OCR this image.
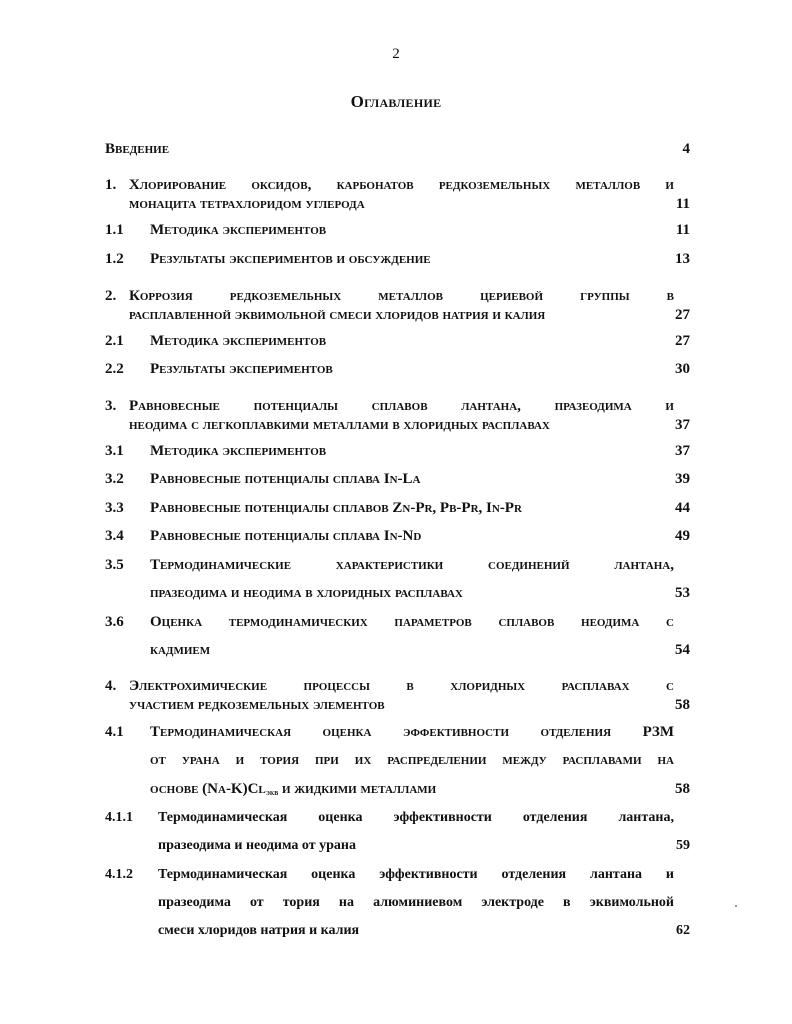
2
Оглавление
Введение	4
1. Хлорирование оксидов, карбонатов редкоземельных металлов и
монацита тетрахлоридом углерода	11
1.1 Методика экспериментов	11
1.2 Результаты экспериментов и обсуждение	13
2. Коррозия редкоземельных металлов цериевой группы в
расплавленной эквимольной смеси хлоридов натрия и калия	27
2.1 Методика экспериментов	27
2.2 Результаты экспериментов	30
3. Равновесные потенциалы сплавов лантана, празеодима и
неодима с легкоплавкими металлами в хлоридных расплавах	37
3.1 Методика экспериментов	37
3.2 Равновесные потенциалы сплава In-La	39
3.3 Равновесные потенциалы сплавов Zn-Pr, Pb-Pr, In-Pr	44
3.4 Равновесные потенциалы сплава In-Nd	49
3.5 Термодинамические характеристики соединений лантана,
празеодима и неодима в хлоридных расплавах	53
3.6 Оценка термодинамических параметров сплавов неодима с
кадмием	54
4. Электрохимические процессы в хлоридных расплавах с
участием редкоземельных элементов	58
4.1 Термодинамическая оценка эффективности отделения РЗМ
от урана и тория при их распределении между расплавами на
основе $(Na-K)Cl_{экв}$ и жидкими металлами	58
4.1.1 Термодинамическая оценка эффективности отделения лантана,
празеодима и неодима от урана	59
4.1.2 Термодинамическая оценка эффективности отделения лантана и
празеодима от тория на алюминиевом электроде в эквимольной
смеси хлоридов натрия и калия	62
